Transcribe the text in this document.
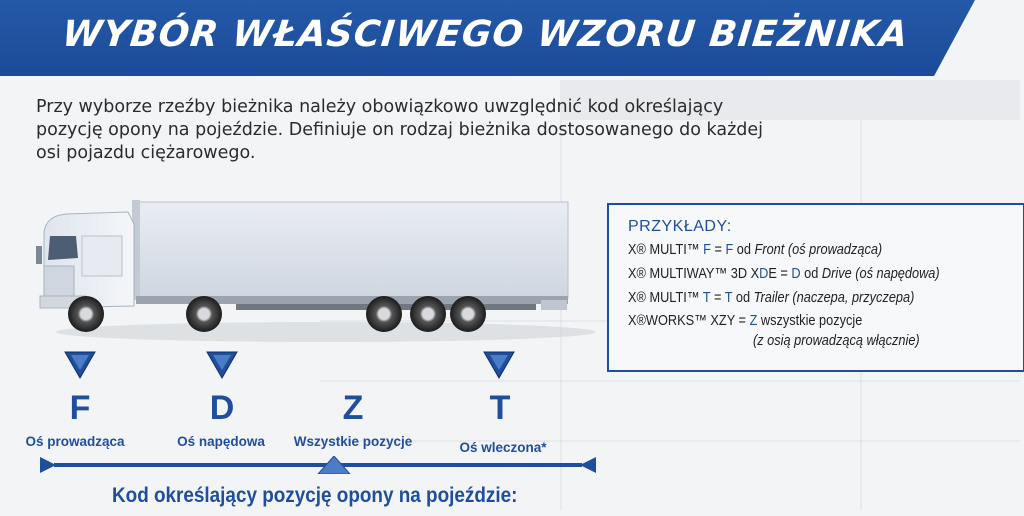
WYBÓR WŁAŚCIWEGO WZORU BIEŻNIKA
Przy wyborze rzeźby bieżnika należy obowiązkowo uwzględnić kod określający
pozycję opony na pojeździe. Definiuje on rodzaj bieżnika dostosowanego do każdej
osi pojazdu ciężarowego.
PRZYKŁADY:
X® MULTI™ F = F od Front (oś prowadząca)
X® MULTIWAY™ 3D XDE = D od Drive (oś napędowa)
X® MULTI™ T = T od Trailer (naczepa, przyczepa)
X®WORKS™ XZY = Z wszystkie pozycje
(z osią prowadzącą włącznie)
F	D	Z	T
Oś prowadząca	Oś napędowa	Wszystkie pozycje	Oś wleczona*
Kod określający pozycję opony na pojeździe:
